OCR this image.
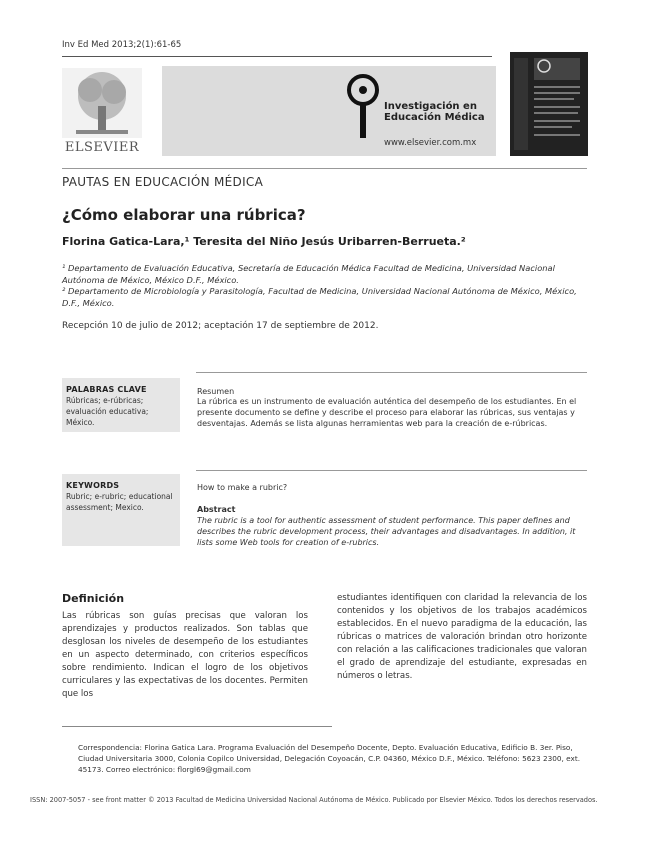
Inv Ed Med 2013;2(1):61-65
ELSEVIER
Investigación en
Educación Médica
www.elsevier.com.mx
PAUTAS EN EDUCACIÓN MÉDICA
¿Cómo elaborar una rúbrica?
Florina Gatica-Lara,¹ Teresita del Niño Jesús Uribarren-Berrueta.²
¹ Departamento de Evaluación Educativa, Secretaría de Educación Médica Facultad de Medicina, Universidad Nacional Autónoma de México, México D.F., México.
² Departamento de Microbiología y Parasitología, Facultad de Medicina, Universidad Nacional Autónoma de México, México, D.F., México.
Recepción 10 de julio de 2012; aceptación 17 de septiembre de 2012.
PALABRAS CLAVE
Rúbricas; e-rúbricas; evaluación educativa; México.
Resumen
La rúbrica es un instrumento de evaluación auténtica del desempeño de los estudiantes. En el presente documento se define y describe el proceso para elaborar las rúbricas, sus ventajas y desventajas. Además se lista algunas herramientas web para la creación de e-rúbricas.
KEYWORDS
Rubric; e-rubric; educational assessment; Mexico.
How to make a rubric?
Abstract
The rubric is a tool for authentic assessment of student performance. This paper defines and describes the rubric development process, their advantages and disadvantages. In addition, it lists some Web tools for creation of e-rubrics.
Definición
Las rúbricas son guías precisas que valoran los aprendizajes y productos realizados. Son tablas que desglosan los niveles de desempeño de los estudiantes en un aspecto determinado, con criterios específicos sobre rendimiento. Indican el logro de los objetivos curriculares y las expectativas de los docentes. Permiten que los
estudiantes identifiquen con claridad la relevancia de los contenidos y los objetivos de los trabajos académicos establecidos. En el nuevo paradigma de la educación, las rúbricas o matrices de valoración brindan otro horizonte con relación a las calificaciones tradicionales que valoran el grado de aprendizaje del estudiante, expresadas en números o letras.
Correspondencia: Florina Gatica Lara. Programa Evaluación del Desempeño Docente, Depto. Evaluación Educativa, Edificio B. 3er. Piso, Ciudad Universitaria 3000, Colonia Copilco Universidad, Delegación Coyoacán, C.P. 04360, México D.F., México. Teléfono: 5623 2300, ext. 45173. Correo electrónico: florgl69@gmail.com
ISSN: 2007-5057 - see front matter © 2013 Facultad de Medicina Universidad Nacional Autónoma de México. Publicado por Elsevier México. Todos los derechos reservados.
